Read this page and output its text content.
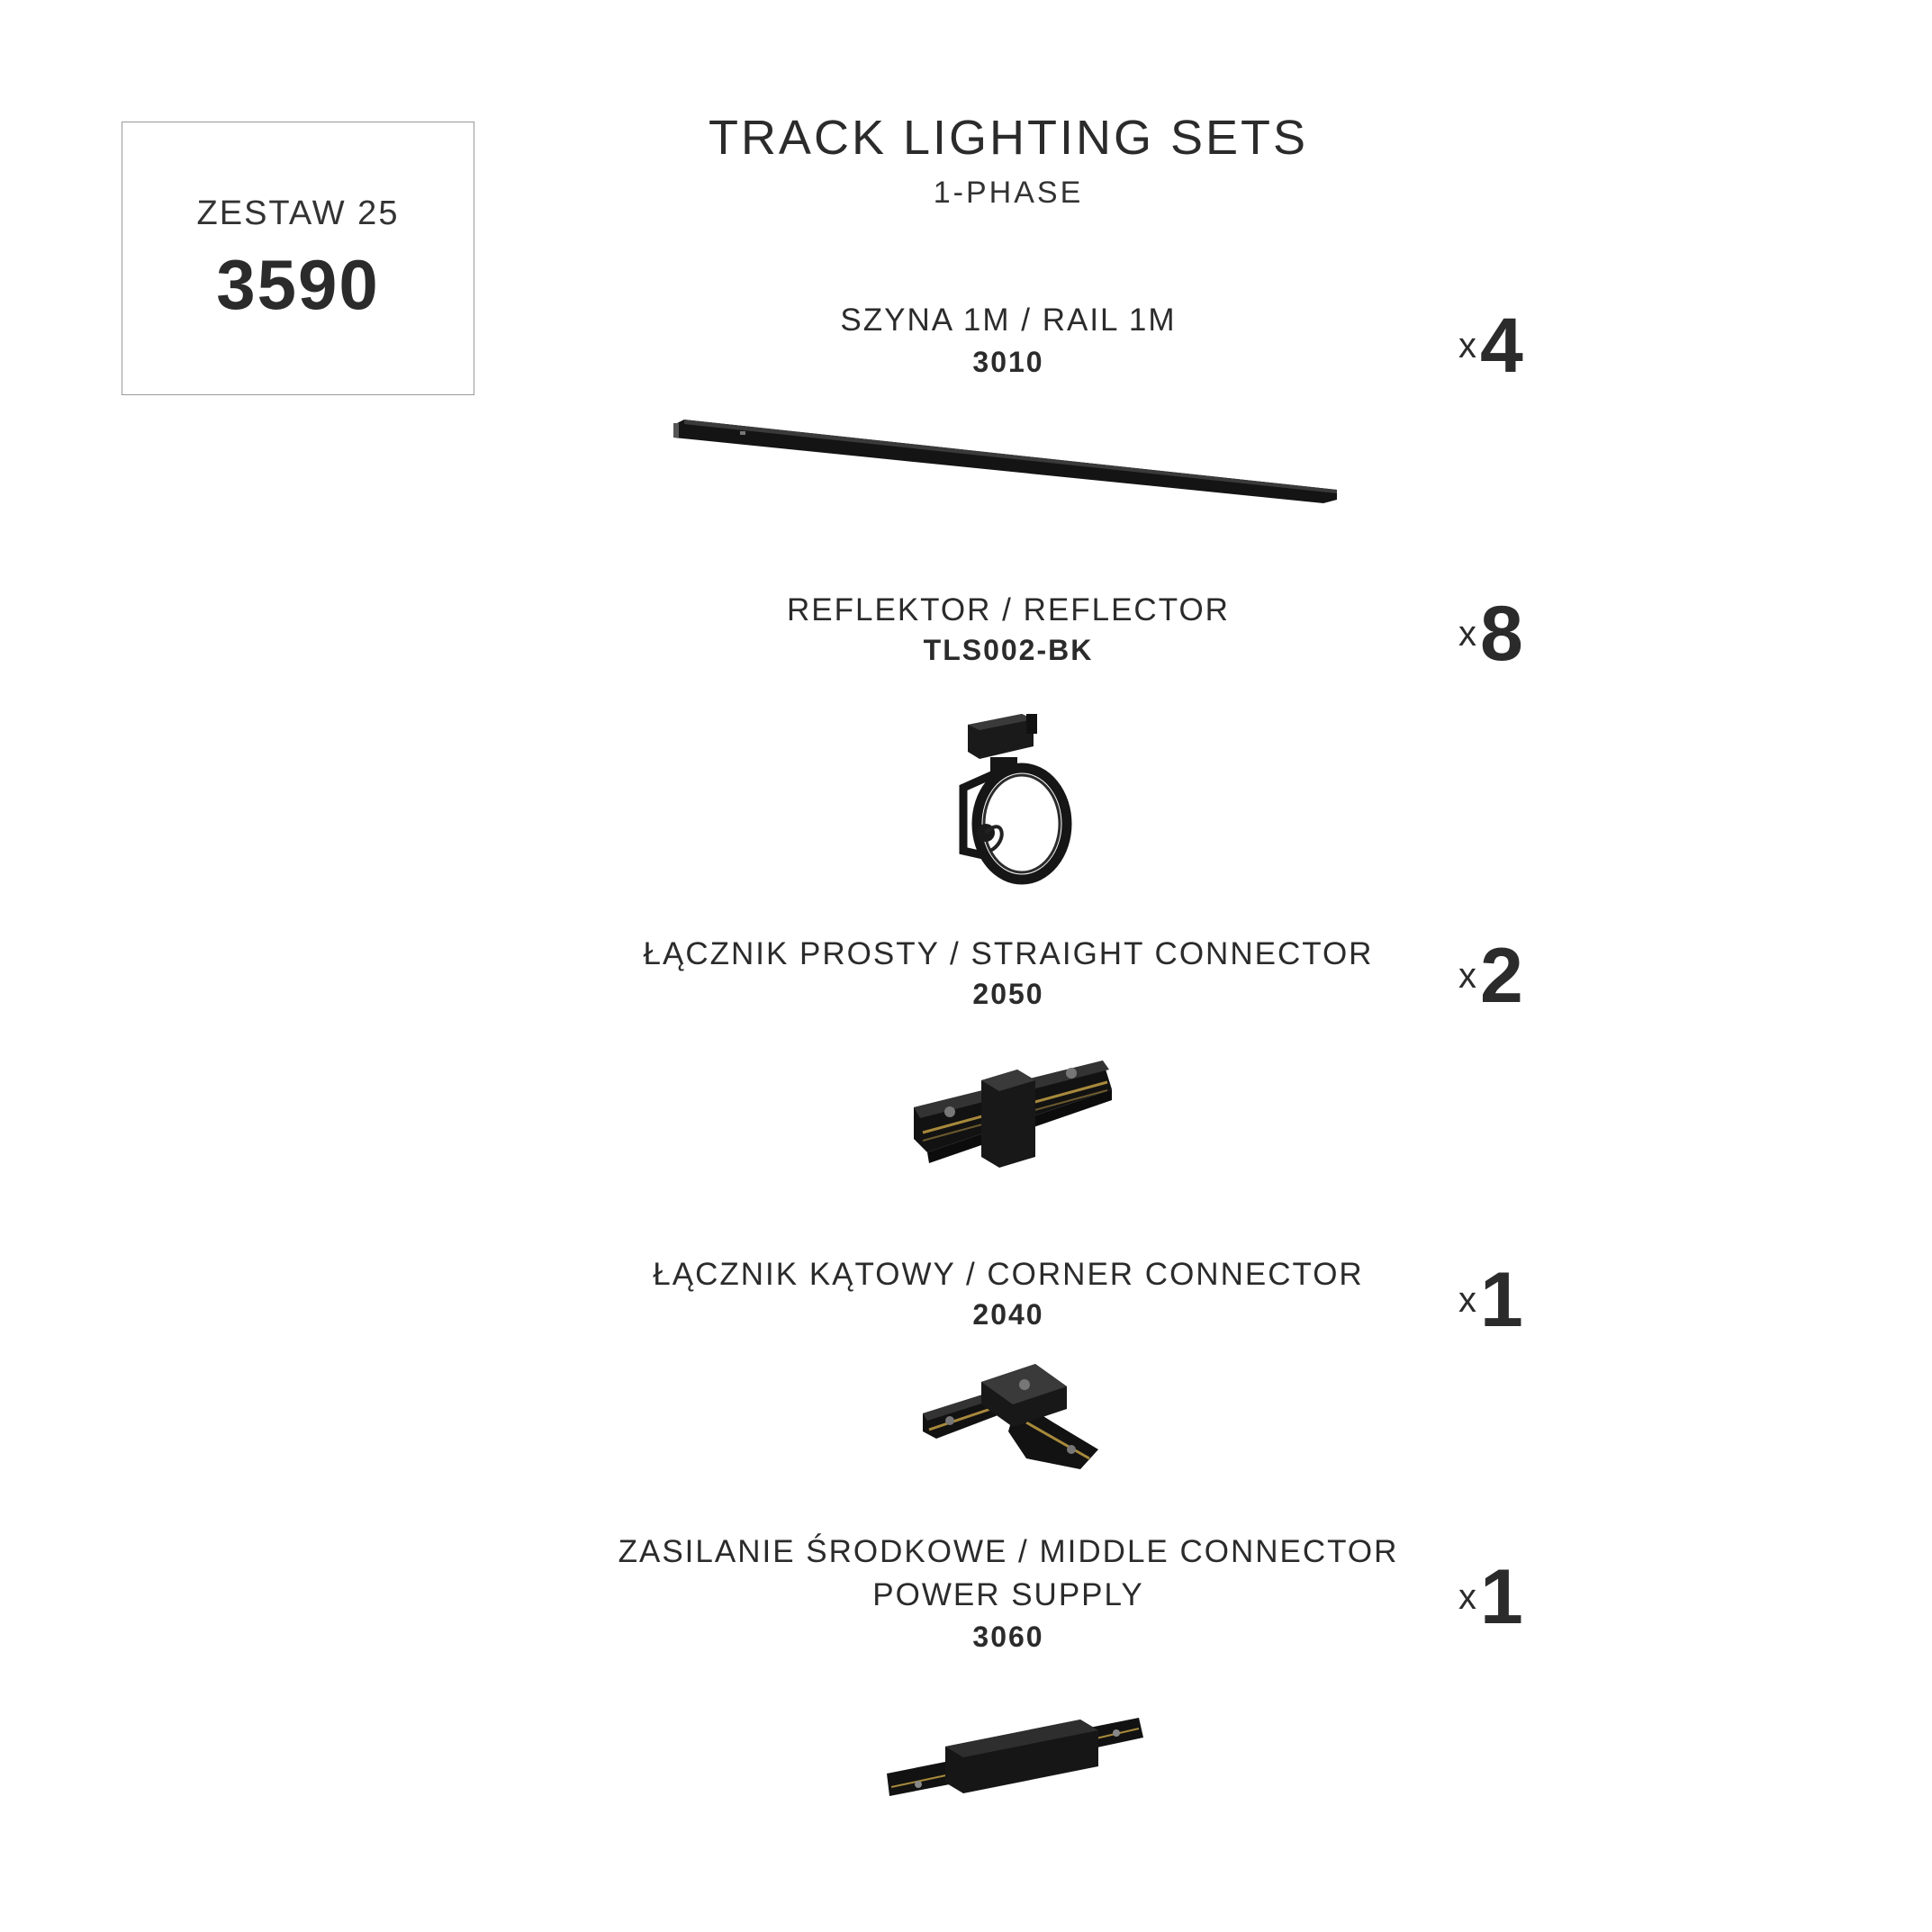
ZESTAW 25
3590
TRACK LIGHTING SETS
1-PHASE
SZYNA 1M / RAIL 1M
3010	x4
REFLEKTOR / REFLECTOR
TLS002-BK	x8
ŁĄCZNIK PROSTY / STRAIGHT CONNECTOR
2050	x2
ŁĄCZNIK KĄTOWY / CORNER CONNECTOR
2040	x1
ZASILANIE ŚRODKOWE / MIDDLE CONNECTOR
POWER SUPPLY
3060
x1
